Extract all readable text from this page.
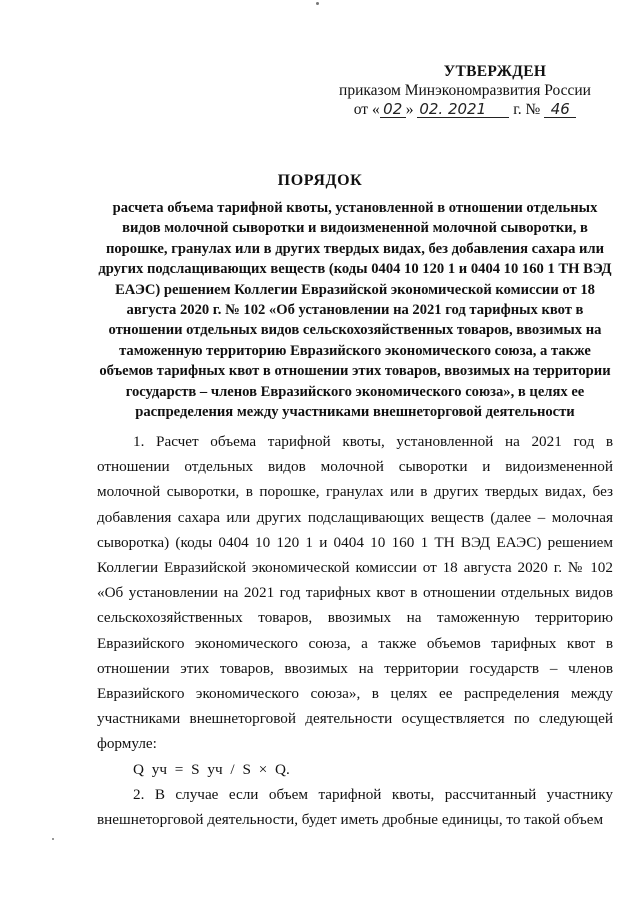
УТВЕРЖДЕН
приказом Минэкономразвития России
от « 02 » 02. 2021 г. № 46
ПОРЯДОК
расчета объема тарифной квоты, установленной в отношении отдельных видов молочной сыворотки и видоизмененной молочной сыворотки, в порошке, гранулах или в других твердых видах, без добавления сахара или других подслащивающих веществ (коды 0404 10 120 1 и 0404 10 160 1 ТН ВЭД ЕАЭС) решением Коллегии Евразийской экономической комиссии от 18 августа 2020 г. № 102 «Об установлении на 2021 год тарифных квот в отношении отдельных видов сельскохозяйственных товаров, ввозимых на таможенную территорию Евразийского экономического союза, а также объемов тарифных квот в отношении этих товаров, ввозимых на территории государств – членов Евразийского экономического союза», в целях ее распределения между участниками внешнеторговой деятельности

1. Расчет объема тарифной квоты, установленной на 2021 год в отношении отдельных видов молочной сыворотки и видоизмененной молочной сыворотки, в порошке, гранулах или в других твердых видах, без добавления сахара или других подслащивающих веществ (далее – молочная сыворотка) (коды 0404 10 120 1 и 0404 10 160 1 ТН ВЭД ЕАЭС) решением Коллегии Евразийской экономической комиссии от 18 августа 2020 г. № 102 «Об установлении на 2021 год тарифных квот в отношении отдельных видов сельскохозяйственных товаров, ввозимых на таможенную территорию Евразийского экономического союза, а также объемов тарифных квот в отношении этих товаров, ввозимых на территории государств – членов Евразийского экономического союза», в целях ее распределения между участниками внешнеторговой деятельности осуществляется по следующей формуле:

Q уч = S уч / S × Q.

2. В случае если объем тарифной квоты, рассчитанный участнику внешнеторговой деятельности, будет иметь дробные единицы, то такой объем
